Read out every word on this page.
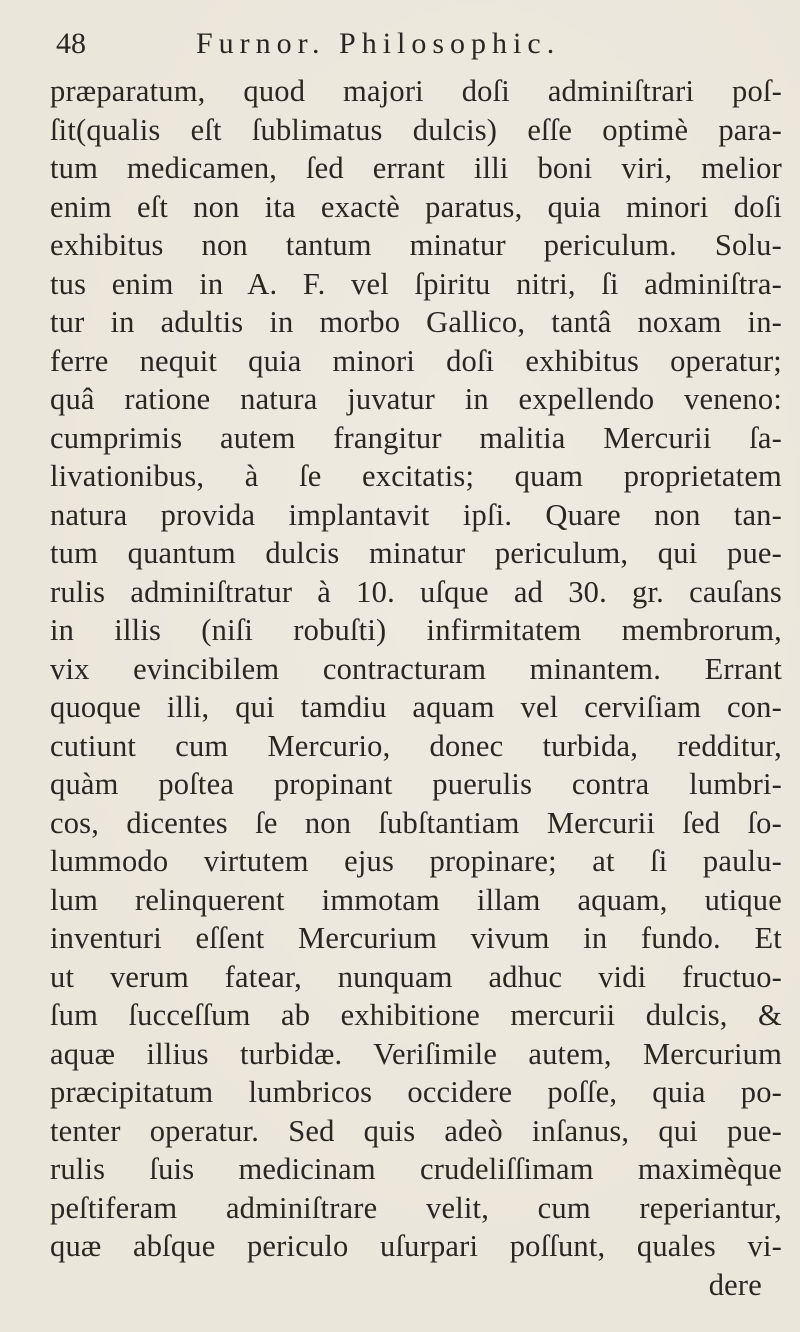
48	Furnor. Philosophic.
præparatum, quod majori doſi adminiſtrari poſ-
ſit(qualis eſt ſublimatus dulcis) eſſe optimè para-
tum medicamen, ſed errant illi boni viri, melior
enim eſt non ita exactè paratus, quia minori doſi
exhibitus non tantum minatur periculum. Solu-
tus enim in A. F. vel ſpiritu nitri, ſi adminiſtra-
tur in adultis in morbo Gallico, tantâ noxam in-
ferre nequit quia minori doſi exhibitus operatur;
quâ ratione natura juvatur in expellendo veneno:
cumprimis autem frangitur malitia Mercurii ſa-
livationibus, à ſe excitatis; quam proprietatem
natura provida implantavit ipſi. Quare non tan-
tum quantum dulcis minatur periculum, qui pue-
rulis adminiſtratur à 10. uſque ad 30. gr. cauſans
in illis (niſi robuſti) infirmitatem membrorum,
vix evincibilem contracturam minantem. Errant
quoque illi, qui tamdiu aquam vel cerviſiam con-
cutiunt cum Mercurio, donec turbida, redditur,
quàm poſtea propinant puerulis contra lumbri-
cos, dicentes ſe non ſubſtantiam Mercurii ſed ſo-
lummodo virtutem ejus propinare; at ſi paulu-
lum relinquerent immotam illam aquam, utique
inventuri eſſent Mercurium vivum in fundo. Et
ut verum fatear, nunquam adhuc vidi fructuo-
ſum ſucceſſum ab exhibitione mercurii dulcis, &
aquæ illius turbidæ. Veriſimile autem, Mercurium
præcipitatum lumbricos occidere poſſe, quia po-
tenter operatur. Sed quis adeò inſanus, qui pue-
rulis ſuis medicinam crudeliſſimam maximèque
peſtiferam adminiſtrare velit, cum reperiantur,
quæ abſque periculo uſurpari poſſunt, quales vi-
dere
